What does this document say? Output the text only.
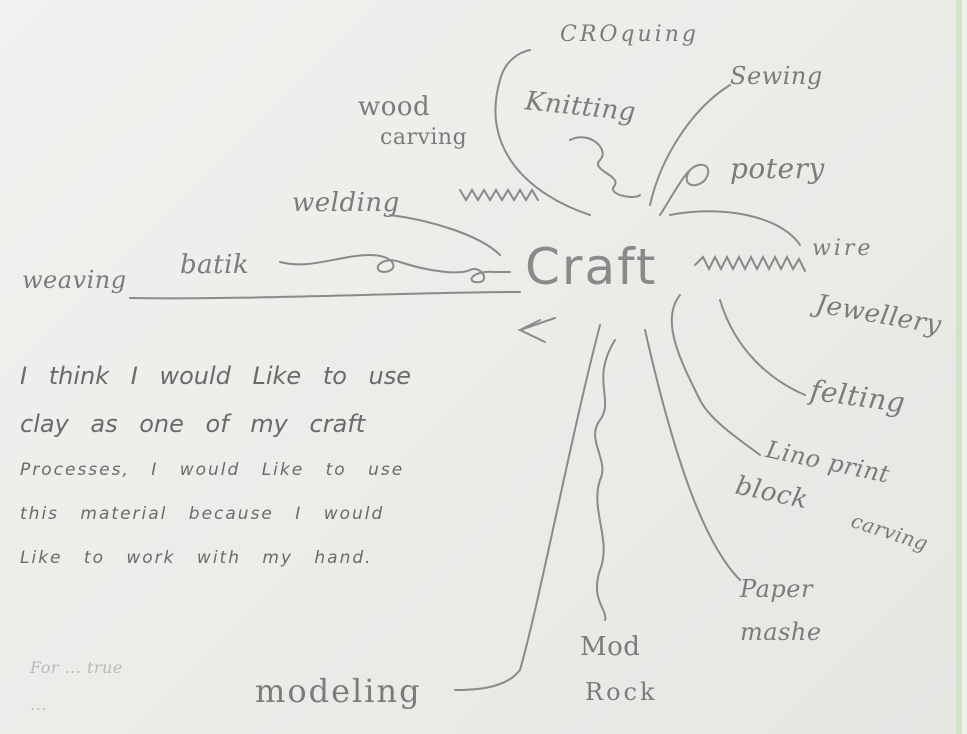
Craft
CROquing
Knitting
Sewing
potery
wire
Jewellery
felting
Lino print
block
carving
Paper
mashe
Mod
Rock
modeling
wood
carving
welding
weaving batik
I think I would Like to use
clay as one of my craft
Processes, I would Like to use
this material because I would
Like to work with my hand.
For ... true
...
